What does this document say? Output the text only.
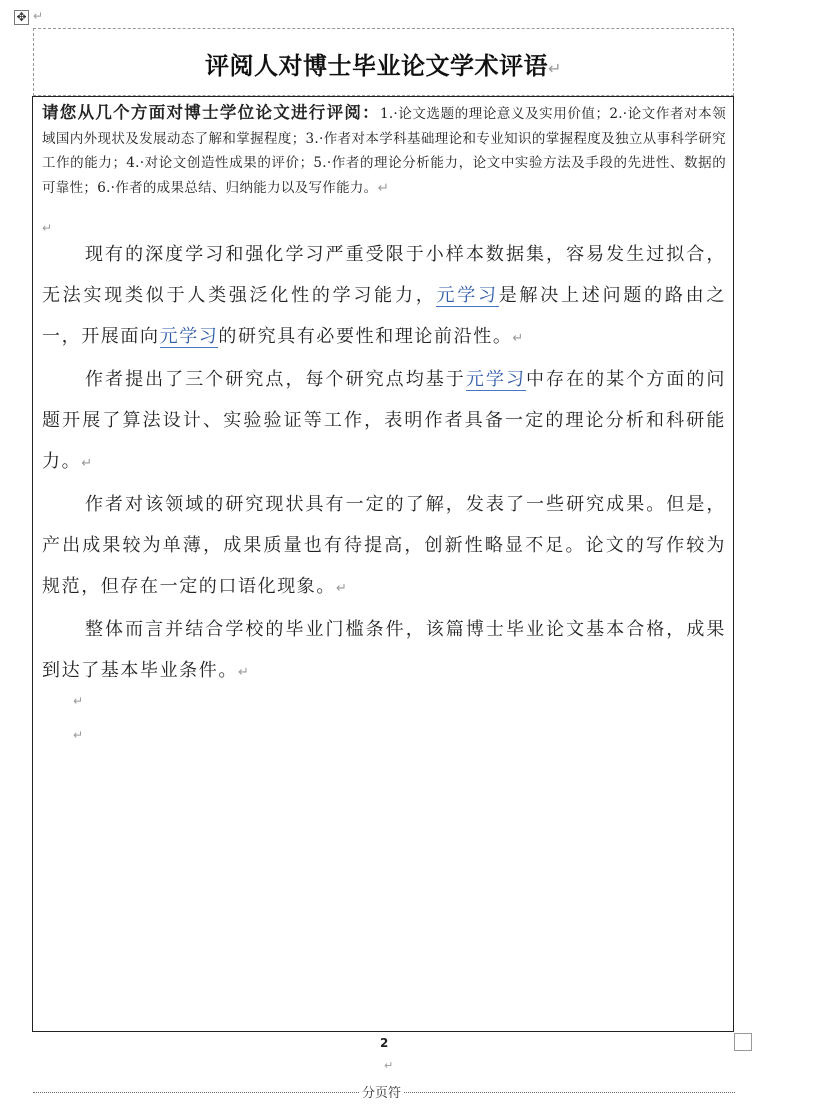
✥ ↵
评阅人对博士毕业论文学术评语↵

请您从几个方面对博士学位论文进行评阅：1.·论文选题的理论意义及实用价值；2.·论文作者对本领域国内外现状及发展动态了解和掌握程度；3.·作者对本学科基础理论和专业知识的掌握程度及独立从事科学研究工作的能力；4.·对论文创造性成果的评价；5.·作者的理论分析能力，论文中实验方法及手段的先进性、数据的可靠性；6.·作者的成果总结、归纳能力以及写作能力。↵

↵

现有的深度学习和强化学习严重受限于小样本数据集，容易发生过拟合，无法实现类似于人类强泛化性的学习能力，元学习是解决上述问题的路由之一，开展面向元学习的研究具有必要性和理论前沿性。↵

作者提出了三个研究点，每个研究点均基于元学习中存在的某个方面的问题开展了算法设计、实验验证等工作，表明作者具备一定的理论分析和科研能力。↵

作者对该领域的研究现状具有一定的了解，发表了一些研究成果。但是，产出成果较为单薄，成果质量也有待提高，创新性略显不足。论文的写作较为规范，但存在一定的口语化现象。↵

整体而言并结合学校的毕业门槛条件，该篇博士毕业论文基本合格，成果到达了基本毕业条件。↵

↵
↵
2
↵
分页符
